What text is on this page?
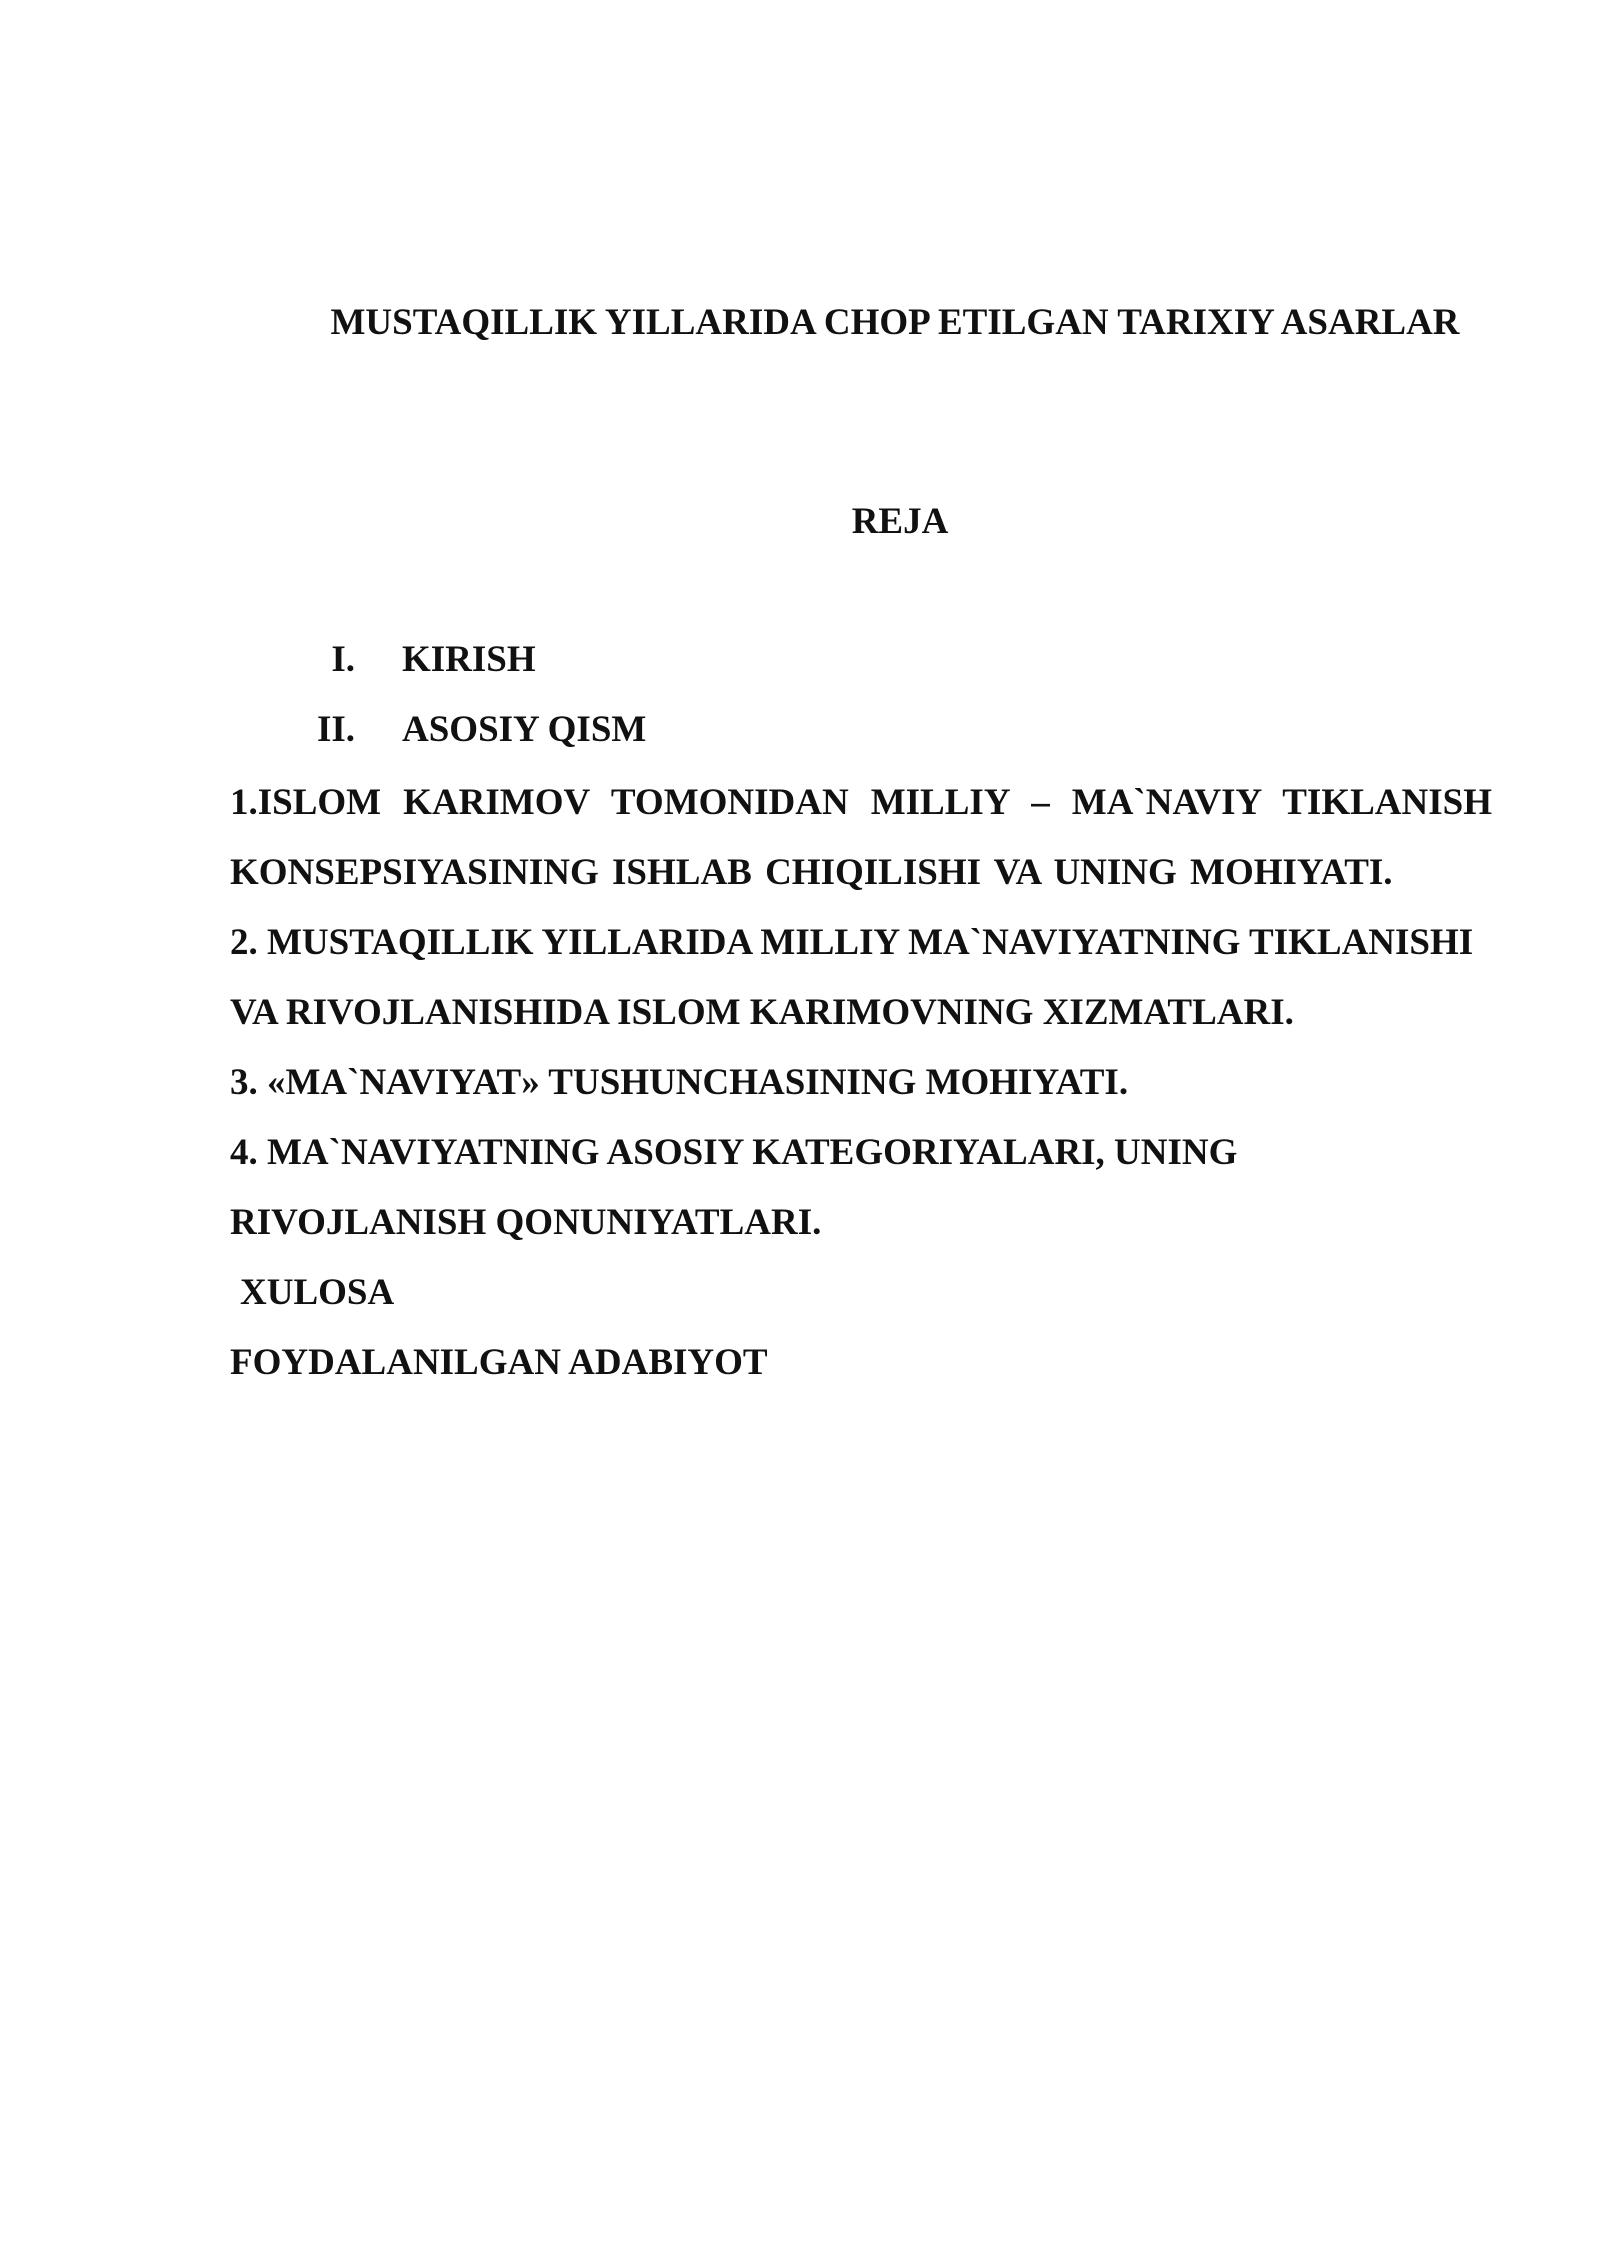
MUSTAQILLIK YILLARIDA CHOP ETILGAN TARIXIY ASARLAR
REJA
I. KIRISH
II. ASOSIY QISM

1.ISLOM KARIMOV TOMONIDAN MILLIY – MA`NAVIY TIKLANISH KONSEPSIYASINING ISHLAB CHIQILISHI VA UNING MOHIYATI.

2. MUSTAQILLIK YILLARIDA MILLIY MA`NAVIYATNING TIKLANISHI VA RIVOJLANISHIDA ISLOM KARIMOVNING XIZMATLARI.

3. «MA`NAVIYAT» TUSHUNCHASINING MOHIYATI.

4. MA`NAVIYATNING ASOSIY KATEGORIYALARI, UNING RIVOJLANISH QONUNIYATLARI.

XULOSA

FOYDALANILGAN ADABIYOT
